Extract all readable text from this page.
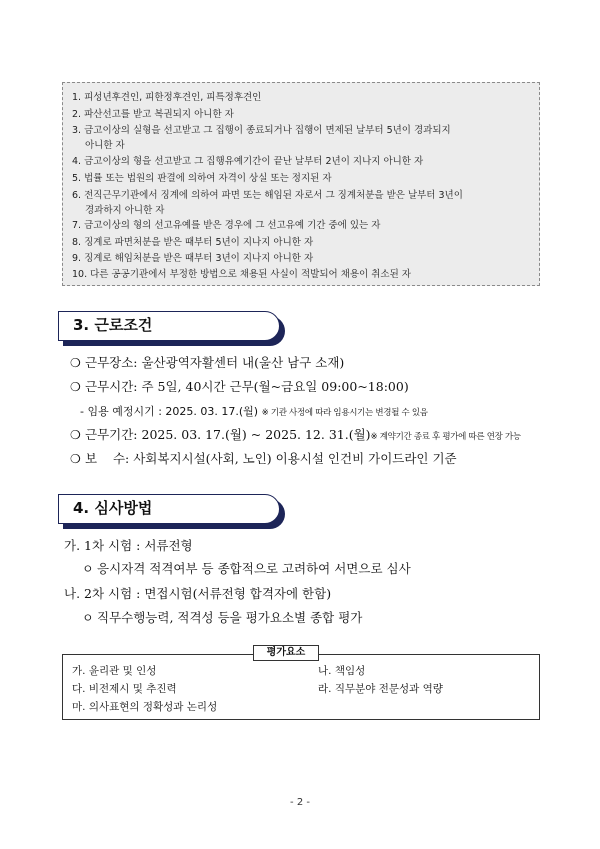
1. 피성년후견인, 피한정후견인, 피특정후견인
2. 파산선고를 받고 복권되지 아니한 자
3. 금고이상의 실형을 선고받고 그 집행이 종료되거나 집행이 면제된 날부터 5년이 경과되지
아니한 자
4. 금고이상의 형을 선고받고 그 집행유예기간이 끝난 날부터 2년이 지나지 아니한 자
5. 법률 또는 법원의 판결에 의하여 자격이 상실 또는 정지된 자
6. 전직근무기관에서 징계에 의하여 파면 또는 해임된 자로서 그 징계처분을 받은 날부터 3년이
경과하지 아니한 자
7. 금고이상의 형의 선고유예를 받은 경우에 그 선고유예 기간 중에 있는 자
8. 징계로 파면처분을 받은 때부터 5년이 지나지 아니한 자
9. 징계로 해임처분을 받은 때부터 3년이 지나지 아니한 자
10. 다른 공공기관에서 부정한 방법으로 채용된 사실이 적발되어 채용이 취소된 자
3. 근로조건
❍ 근무장소: 울산광역자활센터 내(울산 남구 소재)
❍ 근무시간: 주 5일, 40시간 근무(월~금요일 09:00~18:00)
- 임용 예정시기 : 2025. 03. 17.(월) ※ 기관 사정에 따라 임용시기는 변경될 수 있음
❍ 근무기간: 2025. 03. 17.(월) ~ 2025. 12. 31.(월)※ 계약기간 종료 후 평가에 따른 연장 가능
❍ 보    수: 사회복지시설(사회, 노인) 이용시설 인건비 가이드라인 기준
4. 심사방법
가. 1차 시험 : 서류전형
ㅇ 응시자격 적격여부 등 종합적으로 고려하여 서면으로 심사
나. 2차 시험 : 면접시험(서류전형 합격자에 한함)
ㅇ 직무수행능력, 적격성 등을 평가요소별 종합 평가
평가요소
가. 윤리관 및 인성	나. 책임성
다. 비전제시 및 추진력	라. 직무분야 전문성과 역량
마. 의사표현의 정확성과 논리성
- 2 -
